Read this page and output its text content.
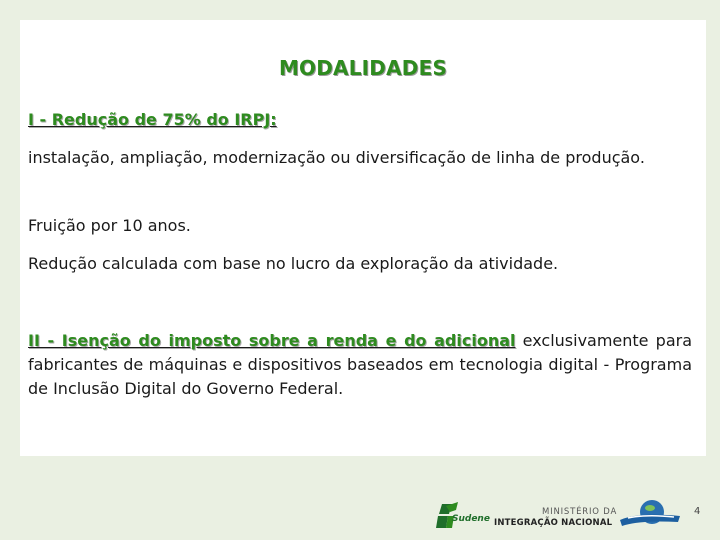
MODALIDADES
I - Redução de 75% do IRPJ:
instalação, ampliação, modernização ou diversificação de linha de produção.
Fruição por 10 anos.
Redução calculada com base no lucro da exploração da atividade.
II - Isenção do imposto sobre a renda e do adicional exclusivamente para fabricantes de máquinas e dispositivos baseados em tecnologia digital - Programa de Inclusão Digital do Governo Federal.
Sudene
MINISTÉRIO DA
INTEGRAÇÃO NACIONAL
4
